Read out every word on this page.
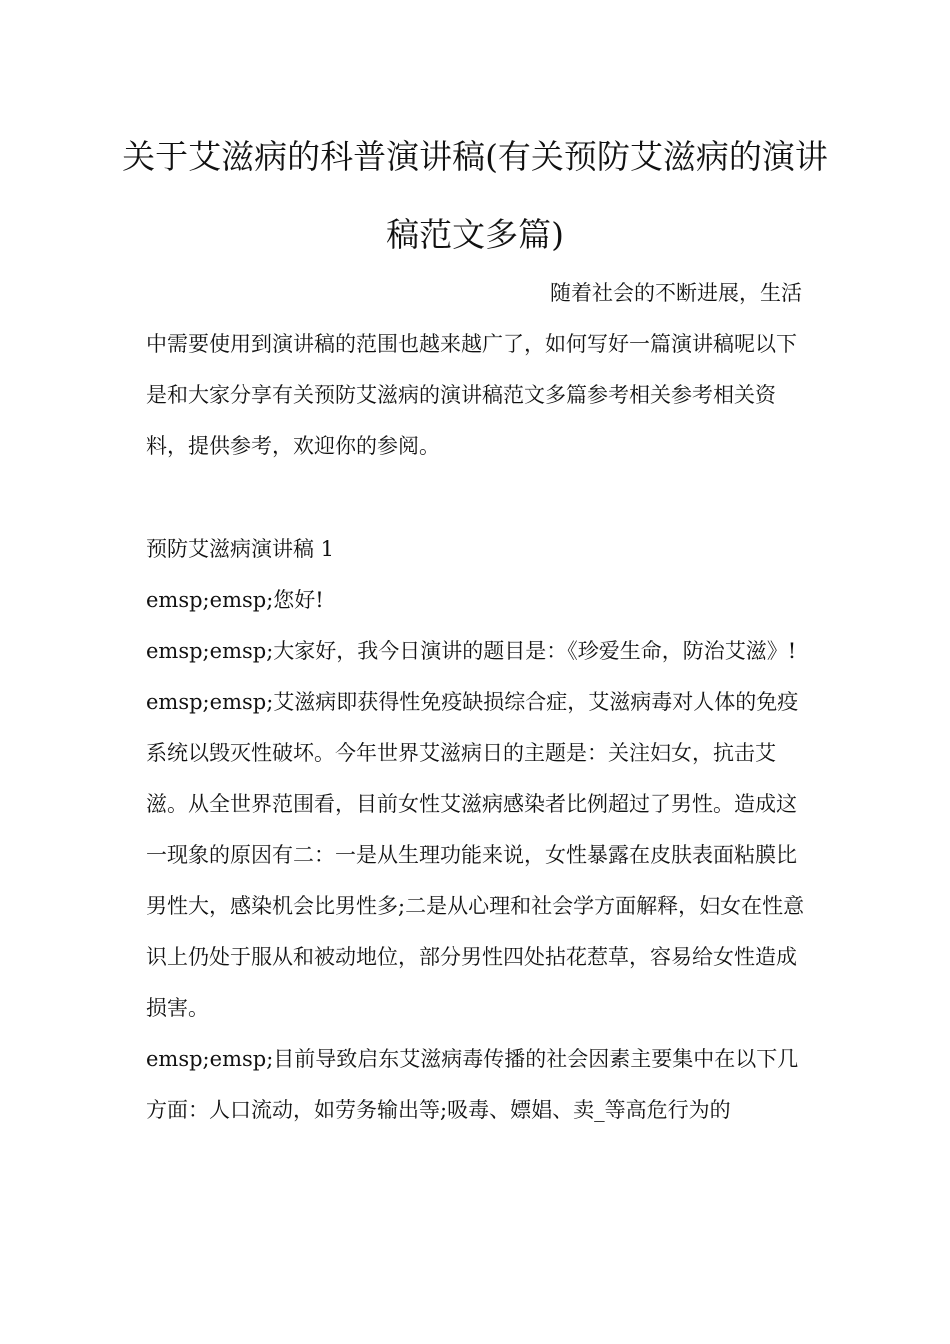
关于艾滋病的科普演讲稿(有关预防艾滋病的演讲稿范文多篇)

随着社会的不断进展，生活中需要使用到演讲稿的范围也越来越广了，如何写好一篇演讲稿呢以下是和大家分享有关预防艾滋病的演讲稿范文多篇参考相关参考相关资料，提供参考，欢迎你的参阅。

预防艾滋病演讲稿 1

emsp;emsp;您好!

emsp;emsp;大家好，我今日演讲的题目是：《珍爱生命，防治艾滋》!

emsp;emsp;艾滋病即获得性免疫缺损综合症，艾滋病毒对人体的免疫系统以毁灭性破坏。今年世界艾滋病日的主题是：关注妇女，抗击艾滋。从全世界范围看，目前女性艾滋病感染者比例超过了男性。造成这一现象的原因有二：一是从生理功能来说，女性暴露在皮肤表面粘膜比男性大，感染机会比男性多;二是从心理和社会学方面解释，妇女在性意识上仍处于服从和被动地位，部分男性四处拈花惹草，容易给女性造成损害。

emsp;emsp;目前导致启东艾滋病毒传播的社会因素主要集中在以下几方面：人口流动，如劳务输出等;吸毒、嫖娼、卖_等高危行为的
